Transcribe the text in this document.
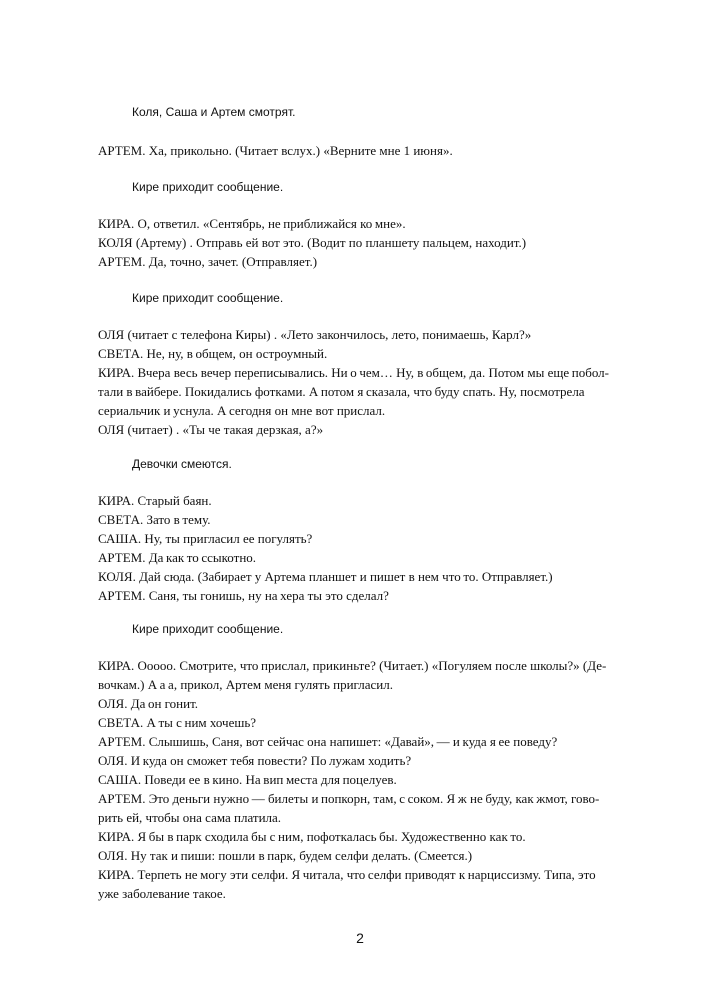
Коля, Саша и Артем смотрят.
АРТЕМ. Ха, прикольно. (Читает вслух.) «Верните мне 1 июня».
Кире приходит сообщение.
КИРА. О, ответил. «Сентябрь, не приближайся ко мне».
КОЛЯ (Артему) . Отправь ей вот это. (Водит по планшету пальцем, находит.)
АРТЕМ. Да, точно, зачет. (Отправляет.)
Кире приходит сообщение.
ОЛЯ (читает с телефона Киры) . «Лето закончилось, лето, понимаешь, Карл?»
СВЕТА. Не, ну, в общем, он остроумный.
КИРА. Вчера весь вечер переписывались. Ни о чем… Ну, в общем, да. Потом мы еще побол-
тали в вайбере. Покидались фотками. А потом я сказала, что буду спать. Ну, посмотрела
сериальчик и уснула. А сегодня он мне вот прислал.
ОЛЯ (читает) . «Ты че такая дерзкая, а?»
Девочки смеются.
КИРА. Старый баян.
СВЕТА. Зато в тему.
САША. Ну, ты пригласил ее погулять?
АРТЕМ. Да как то ссыкотно.
КОЛЯ. Дай сюда. (Забирает у Артема планшет и пишет в нем что то. Отправляет.)
АРТЕМ. Саня, ты гонишь, ну на хера ты это сделал?
Кире приходит сообщение.
КИРА. Ооооо. Смотрите, что прислал, прикиньте? (Читает.) «Погуляем после школы?» (Де-
вочкам.) А а а, прикол, Артем меня гулять пригласил.
ОЛЯ. Да он гонит.
СВЕТА. А ты с ним хочешь?
АРТЕМ. Слышишь, Саня, вот сейчас она напишет: «Давай», — и куда я ее поведу?
ОЛЯ. И куда он сможет тебя повести? По лужам ходить?
САША. Поведи ее в кино. На вип места для поцелуев.
АРТЕМ. Это деньги нужно — билеты и попкорн, там, с соком. Я ж не буду, как жмот, гово-
рить ей, чтобы она сама платила.
КИРА. Я бы в парк сходила бы с ним, пофоткалась бы. Художественно как то.
ОЛЯ. Ну так и пиши: пошли в парк, будем селфи делать. (Смеется.)
КИРА. Терпеть не могу эти селфи. Я читала, что селфи приводят к нарциссизму. Типа, это
уже заболевание такое.
2
